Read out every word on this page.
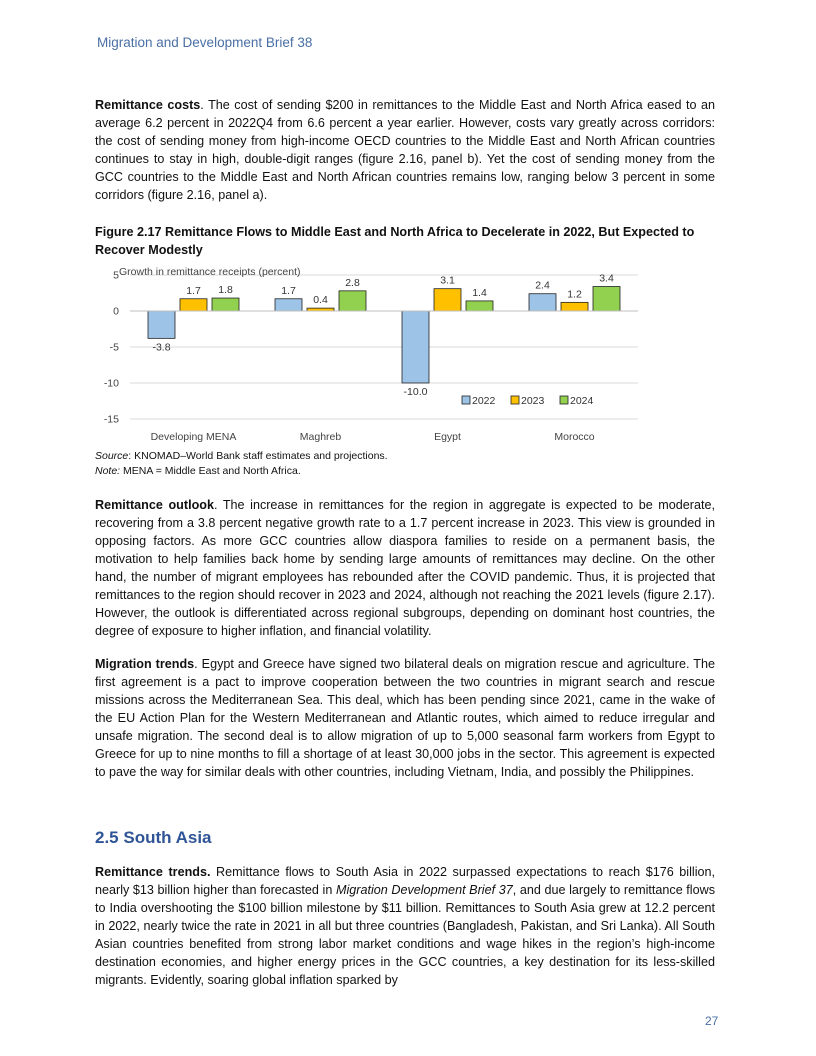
Migration and Development Brief 38

Remittance costs. The cost of sending $200 in remittances to the Middle East and North Africa eased to an average 6.2 percent in 2022Q4 from 6.6 percent a year earlier. However, costs vary greatly across corridors: the cost of sending money from high-income OECD countries to the Middle East and North African countries continues to stay in high, double-digit ranges (figure 2.16, panel b). Yet the cost of sending money from the GCC countries to the Middle East and North African countries remains low, ranging below 3 percent in some corridors (figure 2.16, panel a).

Figure 2.17 Remittance Flows to Middle East and North Africa to Decelerate in 2022, But Expected to Recover Modestly

5
0
-5
-10
-15
Growth in remittance receipts (percent)
-3.8
1.7 1.8
Developing MENA
1.7
0.4
2.8
Maghreb
-10.0
3.1
1.4
Egypt
2.4
1.2
3.4
Morocco
2022 2023 2024
Source: KNOMAD–World Bank staff estimates and projections.
Note: MENA = Middle East and North Africa.

Remittance outlook. The increase in remittances for the region in aggregate is expected to be moderate, recovering from a 3.8 percent negative growth rate to a 1.7 percent increase in 2023. This view is grounded in opposing factors. As more GCC countries allow diaspora families to reside on a permanent basis, the motivation to help families back home by sending large amounts of remittances may decline. On the other hand, the number of migrant employees has rebounded after the COVID pandemic. Thus, it is projected that remittances to the region should recover in 2023 and 2024, although not reaching the 2021 levels (figure 2.17). However, the outlook is differentiated across regional subgroups, depending on dominant host countries, the degree of exposure to higher inflation, and financial volatility.

Migration trends. Egypt and Greece have signed two bilateral deals on migration rescue and agriculture. The first agreement is a pact to improve cooperation between the two countries in migrant search and rescue missions across the Mediterranean Sea. This deal, which has been pending since 2021, came in the wake of the EU Action Plan for the Western Mediterranean and Atlantic routes, which aimed to reduce irregular and unsafe migration. The second deal is to allow migration of up to 5,000 seasonal farm workers from Egypt to Greece for up to nine months to fill a shortage of at least 30,000 jobs in the sector. This agreement is expected to pave the way for similar deals with other countries, including Vietnam, India, and possibly the Philippines.

2.5 South Asia

Remittance trends. Remittance flows to South Asia in 2022 surpassed expectations to reach $176 billion, nearly $13 billion higher than forecasted in Migration Development Brief 37, and due largely to remittance flows to India overshooting the $100 billion milestone by $11 billion. Remittances to South Asia grew at 12.2 percent in 2022, nearly twice the rate in 2021 in all but three countries (Bangladesh, Pakistan, and Sri Lanka). All South Asian countries benefited from strong labor market conditions and wage hikes in the region’s high-income destination economies, and higher energy prices in the GCC countries, a key destination for its less-skilled migrants. Evidently, soaring global inflation sparked by

27
